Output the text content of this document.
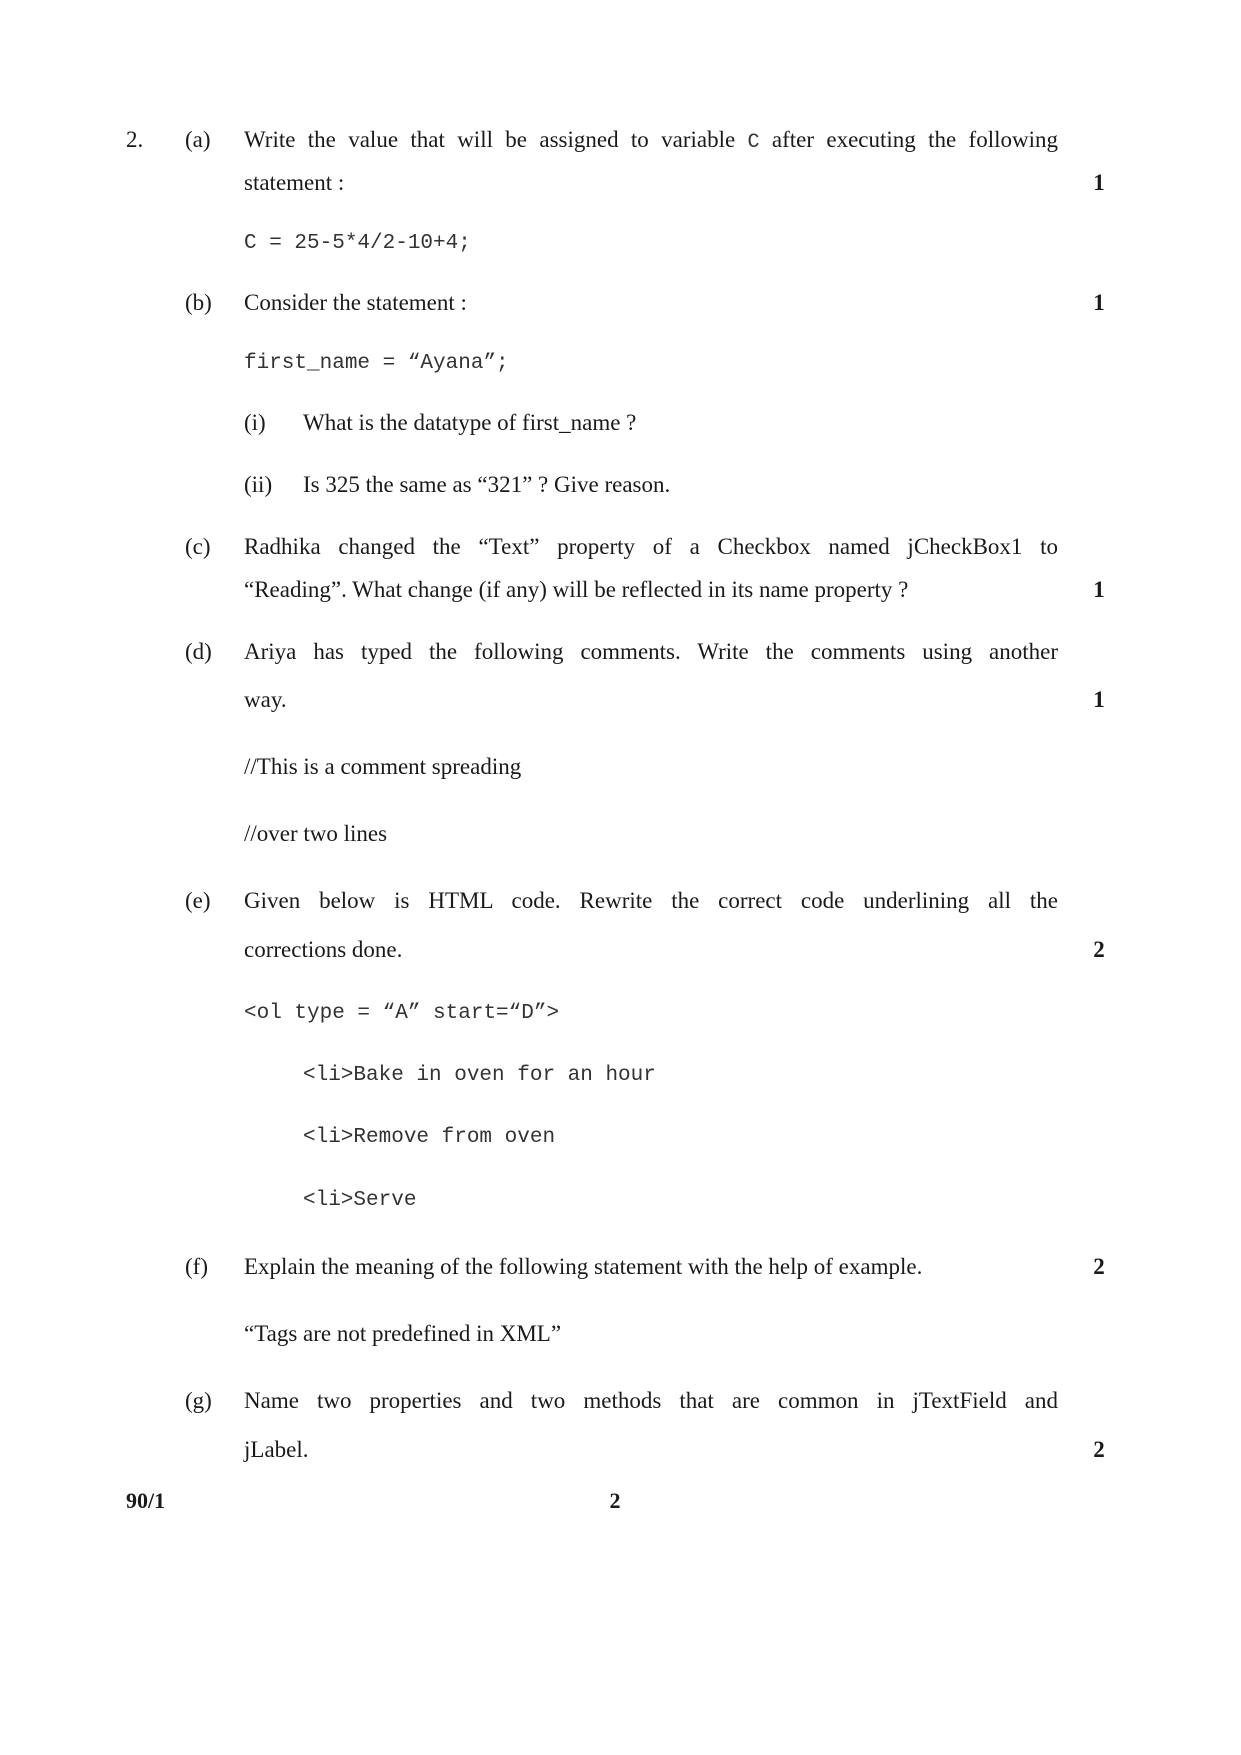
2. (a) Write the value that will be assigned to variable C after executing the following
statement :	1
C = 25-5*4/2-10+4;
(b) Consider the statement :	1
first_name = “Ayana”;
(i) What is the datatype of first_name ?
(ii) Is 325 the same as “321” ? Give reason.
(c) Radhika changed the “Text” property of a Checkbox named jCheckBox1 to
“Reading”. What change (if any) will be reflected in its name property ?	1
(d) Ariya has typed the following comments. Write the comments using another
way.	1
//This is a comment spreading
//over two lines
(e) Given below is HTML code. Rewrite the correct code underlining all the
corrections done.	2
<ol type = “A” start=“D”>
<li>Bake in oven for an hour
<li>Remove from oven
<li>Serve
(f) Explain the meaning of the following statement with the help of example.	2
“Tags are not predefined in XML”
(g) Name two properties and two methods that are common in jTextField and
jLabel.	2
90/1	2
